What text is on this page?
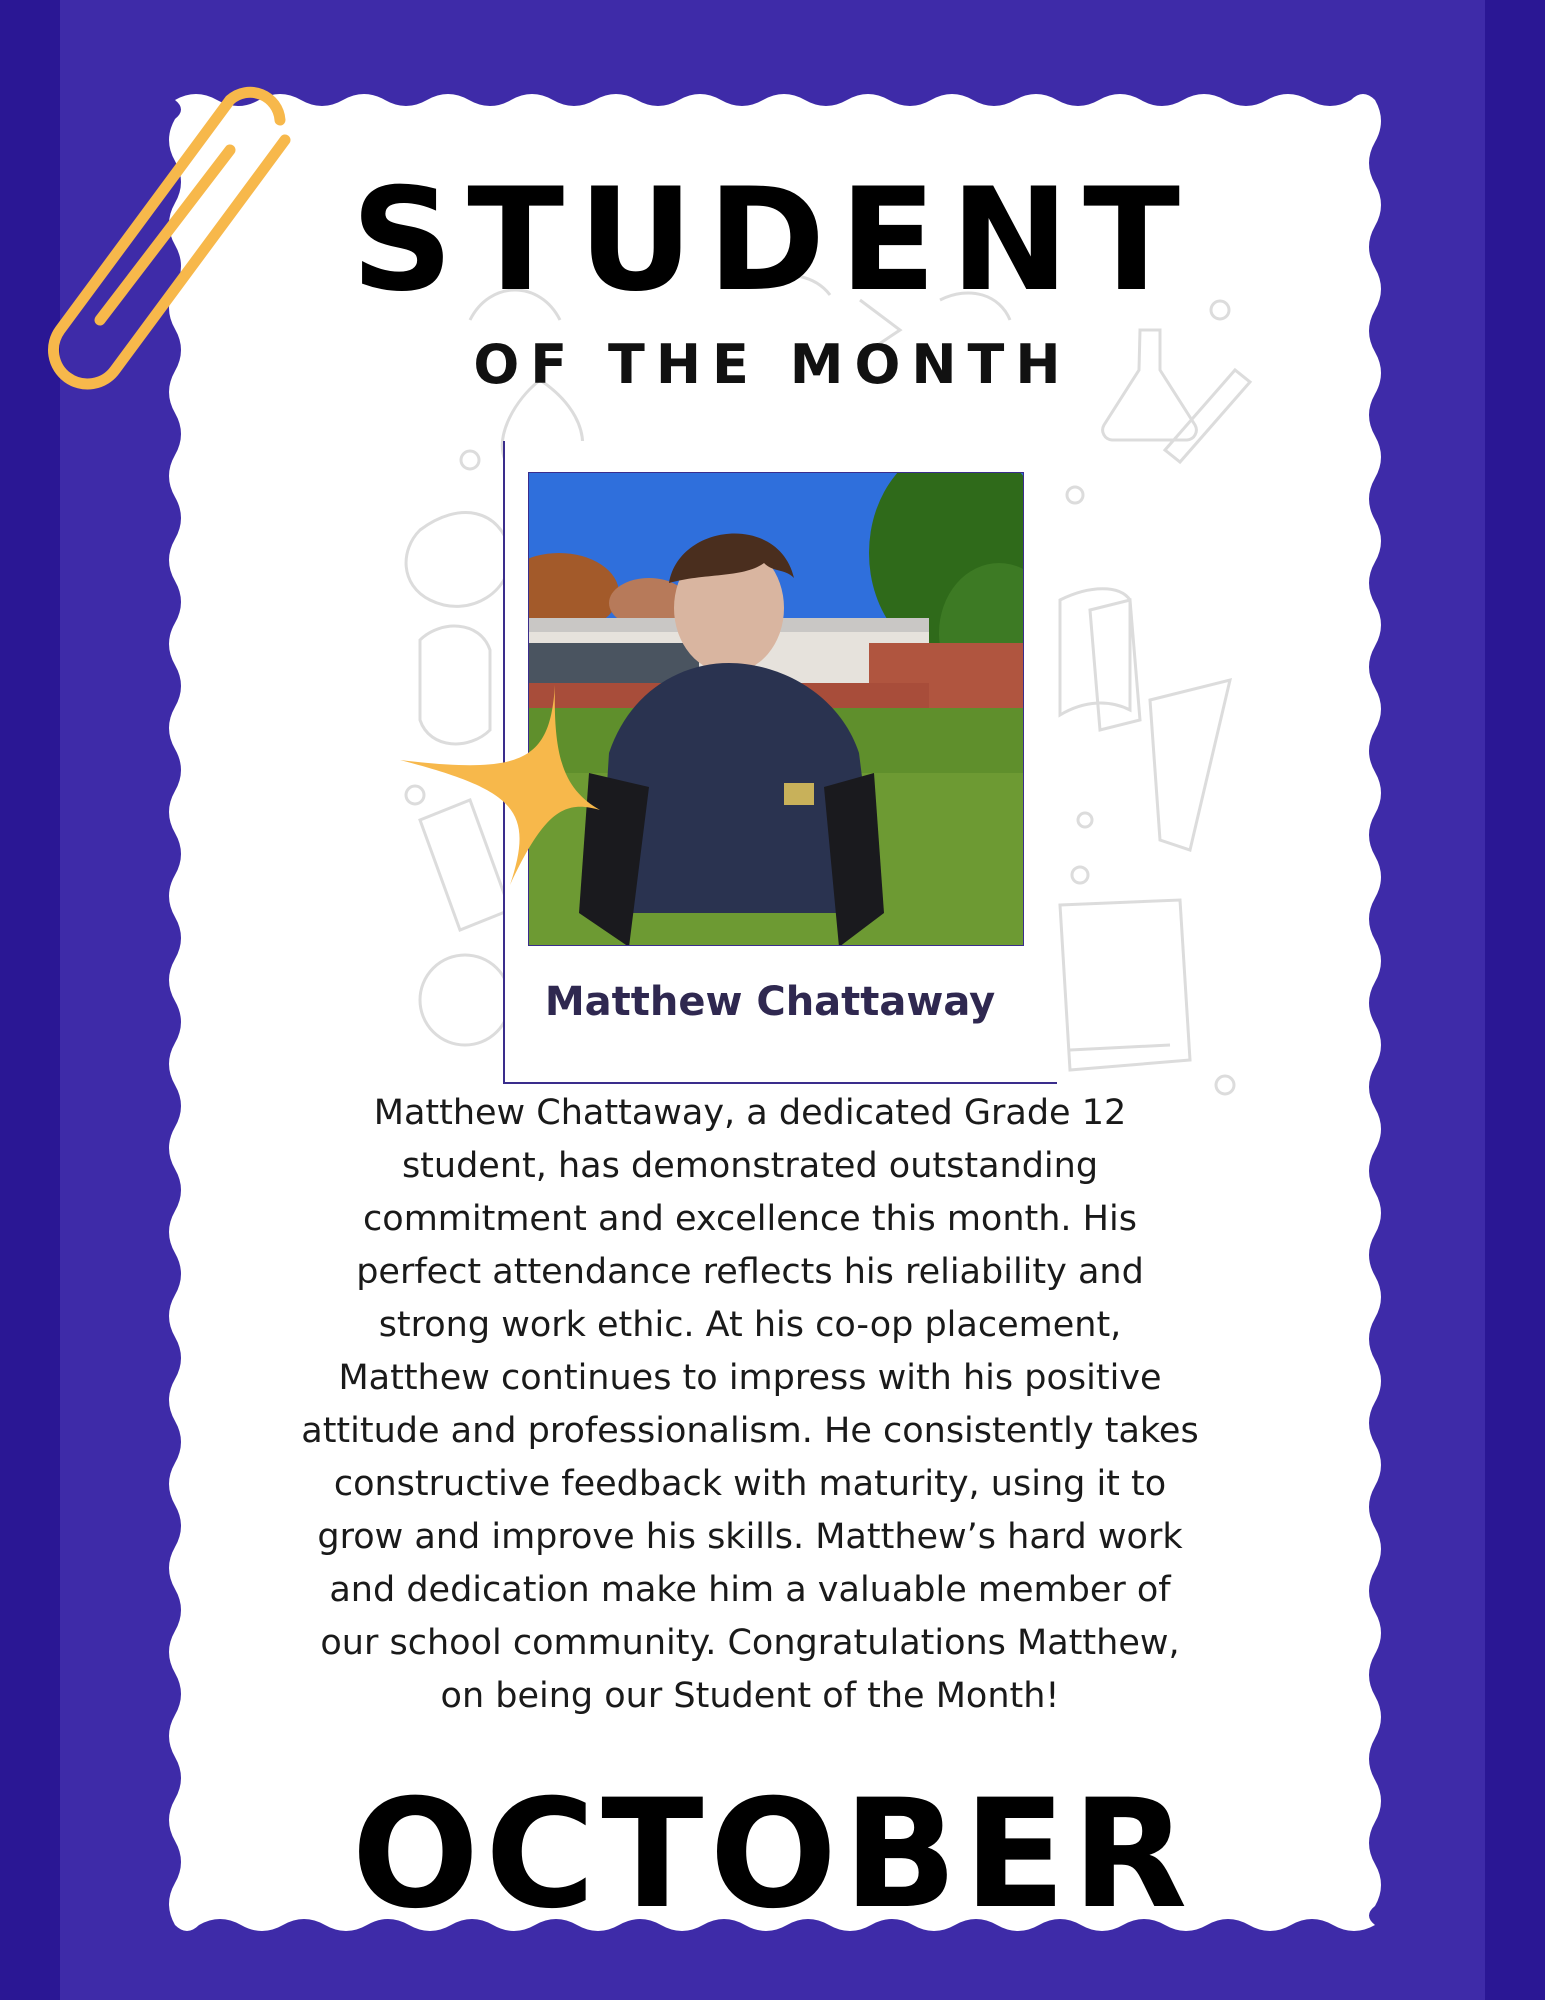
STUDENT
OF THE MONTH
Matthew Chattaway

Matthew Chattaway, a dedicated Grade 12 student, has demonstrated outstanding commitment and excellence this month. His perfect attendance reflects his reliability and strong work ethic. At his co-op placement, Matthew continues to impress with his positive attitude and professionalism. He consistently takes constructive feedback with maturity, using it to grow and improve his skills. Matthew’s hard work and dedication make him a valuable member of our school community. Congratulations Matthew, on being our Student of the Month!

OCTOBER
